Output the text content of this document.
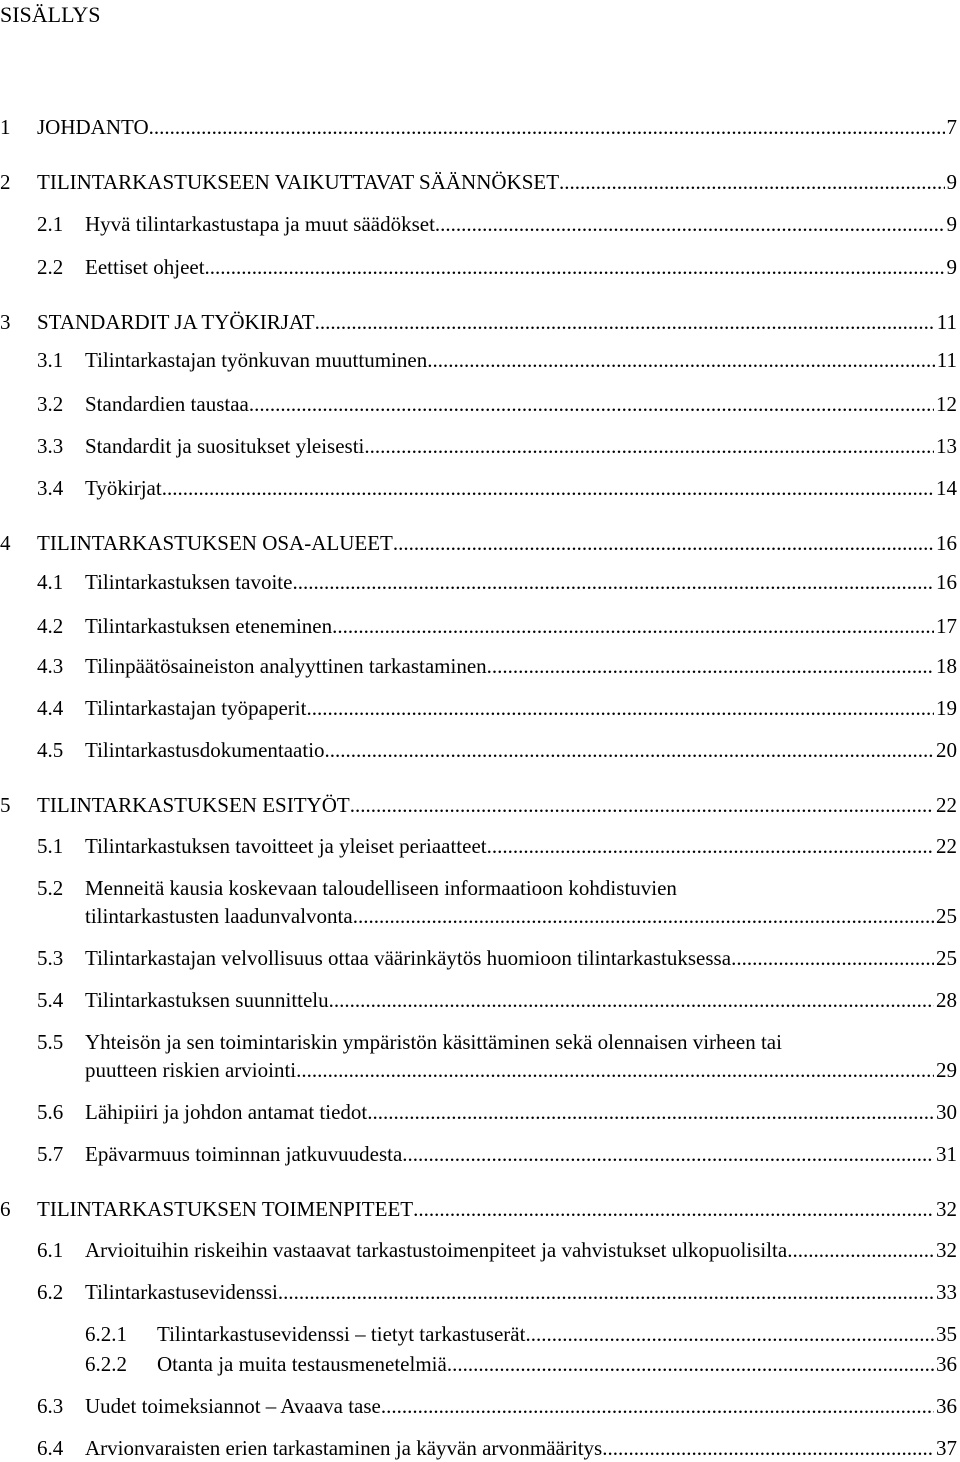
SISÄLLYS
1 JOHDANTO .....	7
2 TILINTARKASTUKSEEN VAIKUTTAVAT SÄÄNNÖKSET .....	9
2.1 Hyvä tilintarkastustapa ja muut säädökset .....	9
2.2 Eettiset ohjeet .....	9
3 STANDARDIT JA TYÖKIRJAT .....	11
3.1 Tilintarkastajan työnkuvan muuttuminen .....	11
3.2 Standardien taustaa .....	12
3.3 Standardit ja suositukset yleisesti .....	13
3.4 Työkirjat .....	14
4 TILINTARKASTUKSEN OSA-ALUEET .....	16
4.1 Tilintarkastuksen tavoite .....	16
4.2 Tilintarkastuksen eteneminen .....	17
4.3 Tilinpäätösaineiston analyyttinen tarkastaminen .....	18
4.4 Tilintarkastajan työpaperit .....	19
4.5 Tilintarkastusdokumentaatio .....	20
5 TILINTARKASTUKSEN ESITYÖT .....	22
5.1 Tilintarkastuksen tavoitteet ja yleiset periaatteet .....	22
5.2 Menneitä kausia koskevaan taloudelliseen informaatioon kohdistuvien
tilintarkastusten laadunvalvonta .....	25
5.3 Tilintarkastajan velvollisuus ottaa väärinkäytös huomioon tilintarkastuksessa .....	25
5.4 Tilintarkastuksen suunnittelu .....	28
5.5 Yhteisön ja sen toimintariskin ympäristön käsittäminen sekä olennaisen virheen tai
puutteen riskien arviointi .....	29
5.6 Lähipiiri ja johdon antamat tiedot .....	30
5.7 Epävarmuus toiminnan jatkuvuudesta .....	31
6 TILINTARKASTUKSEN TOIMENPITEET .....	32
6.1 Arvioituihin riskeihin vastaavat tarkastustoimenpiteet ja vahvistukset ulkopuolisilta .....	32
6.2 Tilintarkastusevidenssi .....	33
6.2.1 Tilintarkastusevidenssi – tietyt tarkastuserät .....	35
6.2.2 Otanta ja muita testausmenetelmiä .....	36
6.3 Uudet toimeksiannot – Avaava tase .....	36
6.4 Arvionvaraisten erien tarkastaminen ja käyvän arvonmääritys .....	37
